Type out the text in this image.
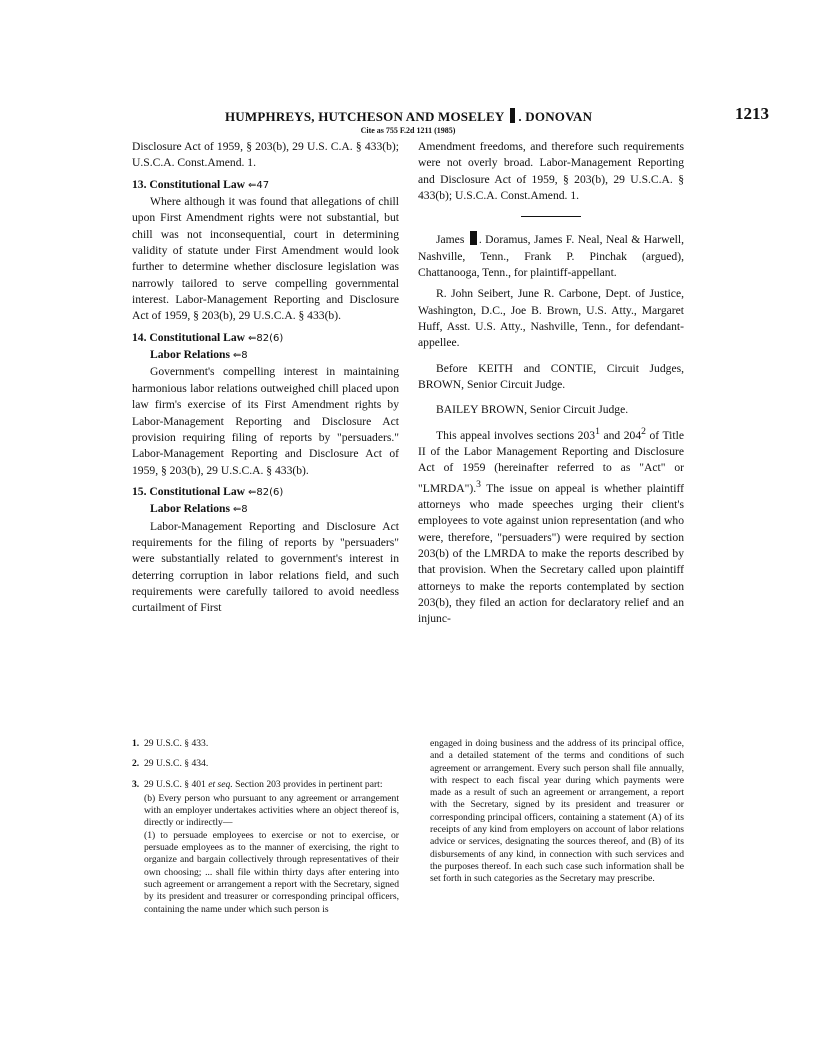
HUMPHREYS, HUTCHESON AND MOSELEY . DONOVAN	1213
Cite as 755 F.2d 1211 (1985)

Disclosure Act of 1959, § 203(b), 29 U.S. C.A. § 433(b); U.S.C.A. Const.Amend. 1.

13. Constitutional Law ⇐47

Where although it was found that allegations of chill upon First Amendment rights were not substantial, but chill was not inconsequential, court in determining validity of statute under First Amendment would look further to determine whether disclosure legislation was narrowly tailored to serve compelling governmental interest. Labor-Management Reporting and Disclosure Act of 1959, § 203(b), 29 U.S.C.A. § 433(b).

14. Constitutional Law ⇐82(6)

Labor Relations ⇐8

Government's compelling interest in maintaining harmonious labor relations outweighed chill placed upon law firm's exercise of its First Amendment rights by Labor-Management Reporting and Disclosure Act provision requiring filing of reports by "persuaders." Labor-Management Reporting and Disclosure Act of 1959, § 203(b), 29 U.S.C.A. § 433(b).

15. Constitutional Law ⇐82(6)

Labor Relations ⇐8

Labor-Management Reporting and Disclosure Act requirements for the filing of reports by "persuaders" were substantially related to government's interest in deterring corruption in labor relations field, and such requirements were carefully tailored to avoid needless curtailment of First

Amendment freedoms, and therefore such requirements were not overly broad. Labor-Management Reporting and Disclosure Act of 1959, § 203(b), 29 U.S.C.A. § 433(b); U.S.C.A. Const.Amend. 1.

James . Doramus, James F. Neal, Neal & Harwell, Nashville, Tenn., Frank P. Pinchak (argued), Chattanooga, Tenn., for plaintiff-appellant.

R. John Seibert, June R. Carbone, Dept. of Justice, Washington, D.C., Joe B. Brown, U.S. Atty., Margaret Huff, Asst. U.S. Atty., Nashville, Tenn., for defendant-appellee.

Before KEITH and CONTIE, Circuit Judges, BROWN, Senior Circuit Judge.

BAILEY BROWN, Senior Circuit Judge.

This appeal involves sections $203^1$ and $204^2$ of Title II of the Labor Management Reporting and Disclosure Act of 1959 (hereinafter referred to as "Act" or "LMRDA").$^3$ The issue on appeal is whether plaintiff attorneys who made speeches urging their client's employees to vote against union representation (and who were, therefore, "persuaders") were required by section 203(b) of the LMRDA to make the reports described by that provision. When the Secretary called upon plaintiff attorneys to make the reports contemplated by section 203(b), they filed an action for declaratory relief and an injunc-

1. 29 U.S.C. § 433.

2. 29 U.S.C. § 434.

3. 29 U.S.C. § 401 et seq. Section 203 provides in pertinent part:

(b) Every person who pursuant to any agreement or arrangement with an employer undertakes activities where an object thereof is, directly or indirectly—

(1) to persuade employees to exercise or not to exercise, or persuade employees as to the manner of exercising, the right to organize and bargain collectively through representatives of their own choosing; ... shall file within thirty days after entering into such agreement or arrangement a report with the Secretary, signed by its president and treasurer or corresponding principal officers, containing the name under which such person is

engaged in doing business and the address of its principal office, and a detailed statement of the terms and conditions of such agreement or arrangement. Every such person shall file annually, with respect to each fiscal year during which payments were made as a result of such an agreement or arrangement, a report with the Secretary, signed by its president and treasurer or corresponding principal officers, containing a statement (A) of its receipts of any kind from employers on account of labor relations advice or services, designating the sources thereof, and (B) of its disbursements of any kind, in connection with such services and the purposes thereof. In each such case such information shall be set forth in such categories as the Secretary may prescribe.
